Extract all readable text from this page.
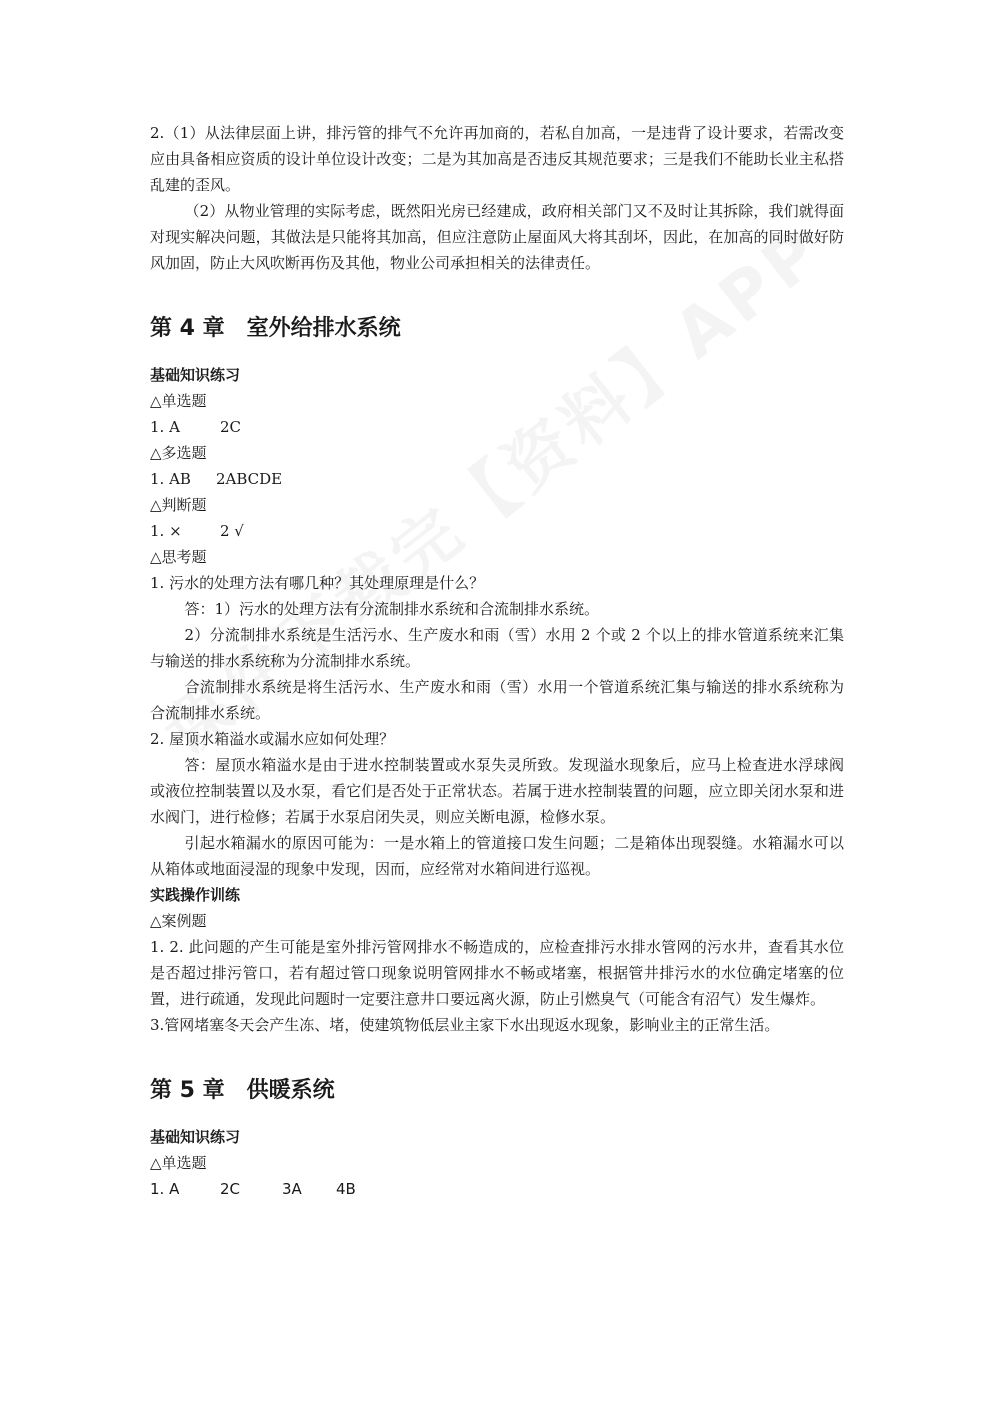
2.（1）从法律层面上讲，排污管的排气不允许再加商的，若私自加高，一是违背了设计要求，若需改变应由具备相应资质的设计单位设计改变；二是为其加高是否违反其规范要求；三是我们不能助长业主私搭乱建的歪风。

（2）从物业管理的实际考虑，既然阳光房已经建成，政府相关部门又不及时让其拆除，我们就得面对现实解决问题，其做法是只能将其加高，但应注意防止屋面风大将其刮坏，因此，在加高的同时做好防风加固，防止大风吹断再伤及其他，物业公司承担相关的法律责任。

第 4 章 室外给排水系统

基础知识练习

△单选题

1. A	2C

△多选题

1. AB 2ABCDE

△判断题

1. ×	2 √

△思考题

1. 污水的处理方法有哪几种？其处理原理是什么？

答：1）污水的处理方法有分流制排水系统和合流制排水系统。

2）分流制排水系统是生活污水、生产废水和雨（雪）水用 2 个或 2 个以上的排水管道系统来汇集与输送的排水系统称为分流制排水系统。

合流制排水系统是将生活污水、生产废水和雨（雪）水用一个管道系统汇集与输送的排水系统称为合流制排水系统。

2. 屋顶水箱溢水或漏水应如何处理？

答：屋顶水箱溢水是由于进水控制装置或水泵失灵所致。发现溢水现象后，应马上检查进水浮球阀或液位控制装置以及水泵，看它们是否处于正常状态。若属于进水控制装置的问题，应立即关闭水泵和进水阀门，进行检修；若属于水泵启闭失灵，则应关断电源，检修水泵。

引起水箱漏水的原因可能为：一是水箱上的管道接口发生问题；二是箱体出现裂缝。水箱漏水可以从箱体或地面浸湿的现象中发现，因而，应经常对水箱间进行巡视。

实践操作训练

△案例题

1. 2. 此问题的产生可能是室外排污管网排水不畅造成的，应检查排污水排水管网的污水井，查看其水位是否超过排污管口，若有超过管口现象说明管网排水不畅或堵塞，根据管井排污水的水位确定堵塞的位置，进行疏通，发现此问题时一定要注意井口要远离火源，防止引燃臭气（可能含有沼气）发生爆炸。

3.管网堵塞冬天会产生冻、堵，使建筑物低层业主家下水出现返水现象，影响业主的正常生活。

第 5 章 供暖系统

基础知识练习

△单选题

1. A	2C	3A 4B
